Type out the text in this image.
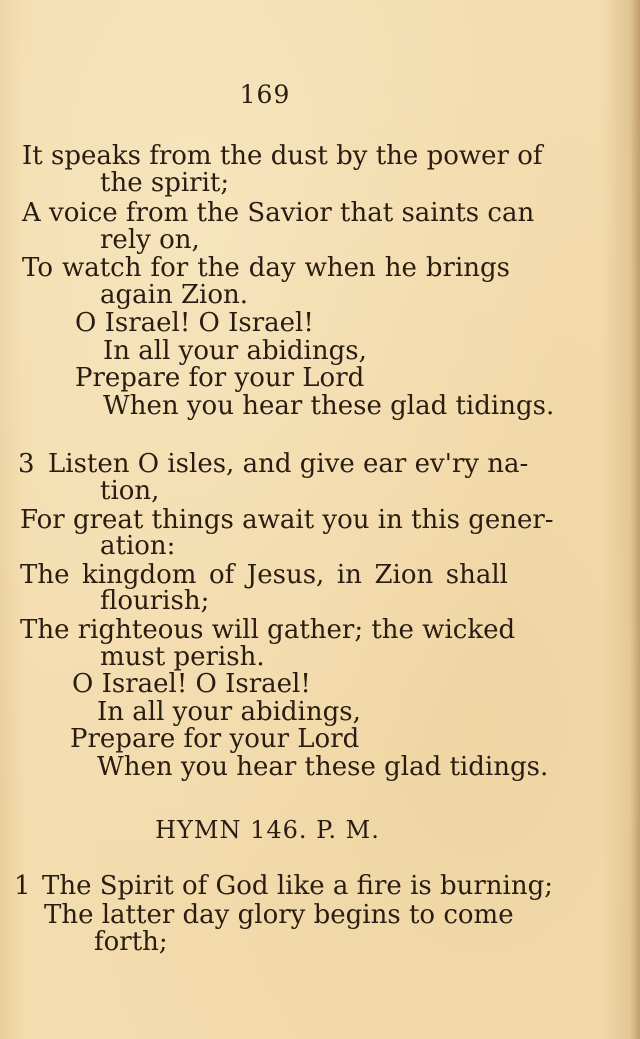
169
It speaks from the dust by the power of
the spirit;
A voice from the Savior that saints can
rely on,
To watch for the day when he brings
again Zion.
O Israel! O Israel!
In all your abidings,
Prepare for your Lord
When you hear these glad tidings.
3 Listen O isles, and give ear ev'ry na-
tion,
For great things await you in this gener-
ation:
The kingdom of Jesus, in Zion shall
flourish;
The righteous will gather; the wicked
must perish.
O Israel! O Israel!
In all your abidings,
Prepare for your Lord
When you hear these glad tidings.
HYMN 146. P. M.
1 The Spirit of God like a fire is burning;
The latter day glory begins to come
forth;
